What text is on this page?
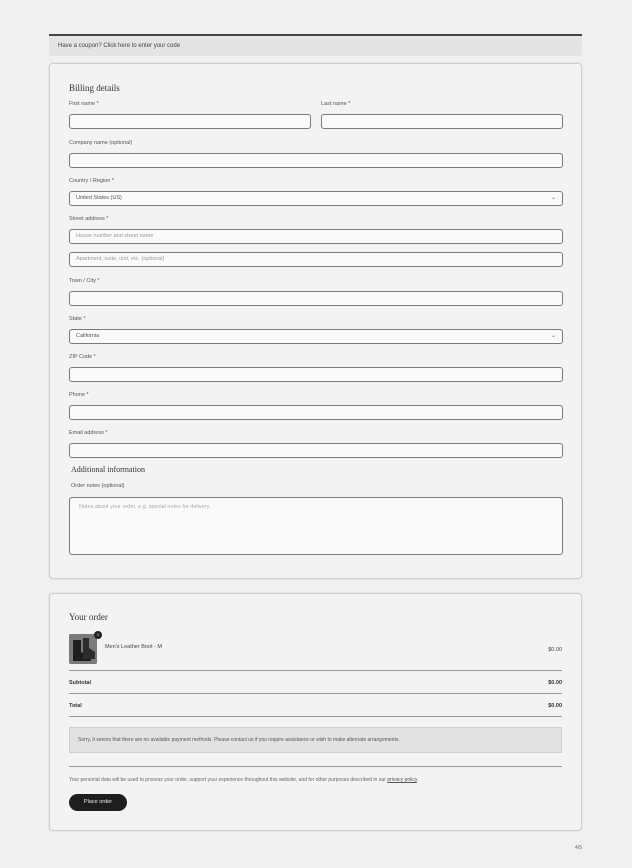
Have a coupon? Click here to enter your code
Billing details
First name *	Last name *
Company name (optional)
Country / Region *
United States (US)	⌄
Street address *
House number and street name
Apartment, suite, unit, etc. (optional)
Town / City *
State *
California	⌄
ZIP Code *
Phone *
Email address *
Additional information
Order notes (optional)
Notes about your order, e.g. special notes for delivery.
Your order
1
Men's Leather Boot - M	$0.00
Subtotal	$0.00
Total	$0.00
Sorry, it seems that there are no available payment methods. Please contact us if you require assistance or wish to make alternate arrangements.
Your personal data will be used to process your order, support your experience throughout this website, and for other purposes described in our privacy policy.
Place order
4/5
